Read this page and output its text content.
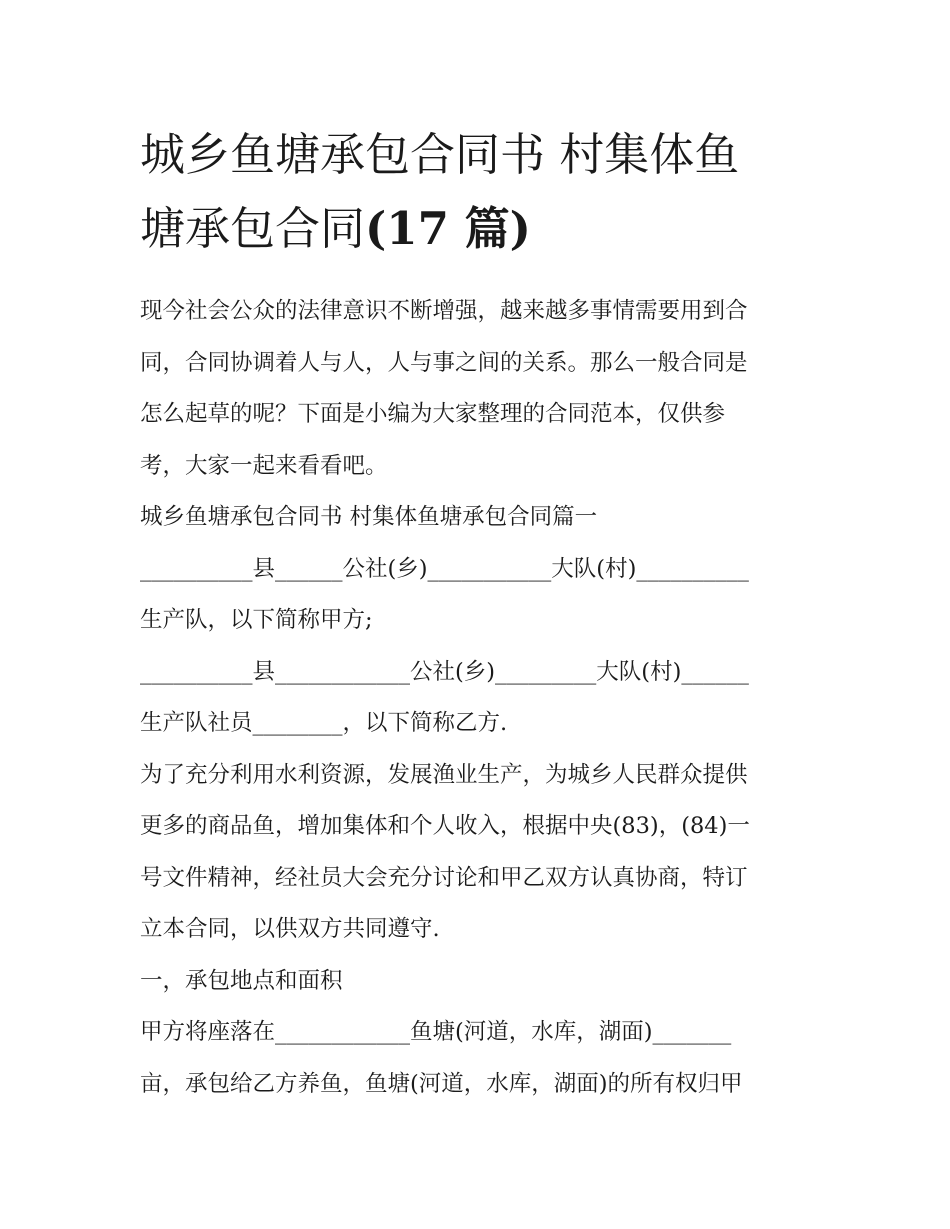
城乡鱼塘承包合同书 村集体鱼
塘承包合同(17 篇)
现今社会公众的法律意识不断增强，越来越多事情需要用到合
同，合同协调着人与人，人与事之间的关系。那么一般合同是
怎么起草的呢？下面是小编为大家整理的合同范本，仅供参
考，大家一起来看看吧。
城乡鱼塘承包合同书 村集体鱼塘承包合同篇一
__________县______公社(乡)___________大队(村)__________
生产队，以下简称甲方;
__________县____________公社(乡)_________大队(村)______
生产队社员________，以下简称乙方.
为了充分利用水利资源，发展渔业生产，为城乡人民群众提供
更多的商品鱼，增加集体和个人收入，根据中央(83)，(84)一
号文件精神，经社员大会充分讨论和甲乙双方认真协商，特订
立本合同，以供双方共同遵守.
一，承包地点和面积
甲方将座落在____________鱼塘(河道，水库，湖面)_______
亩，承包给乙方养鱼，鱼塘(河道，水库，湖面)的所有权归甲
